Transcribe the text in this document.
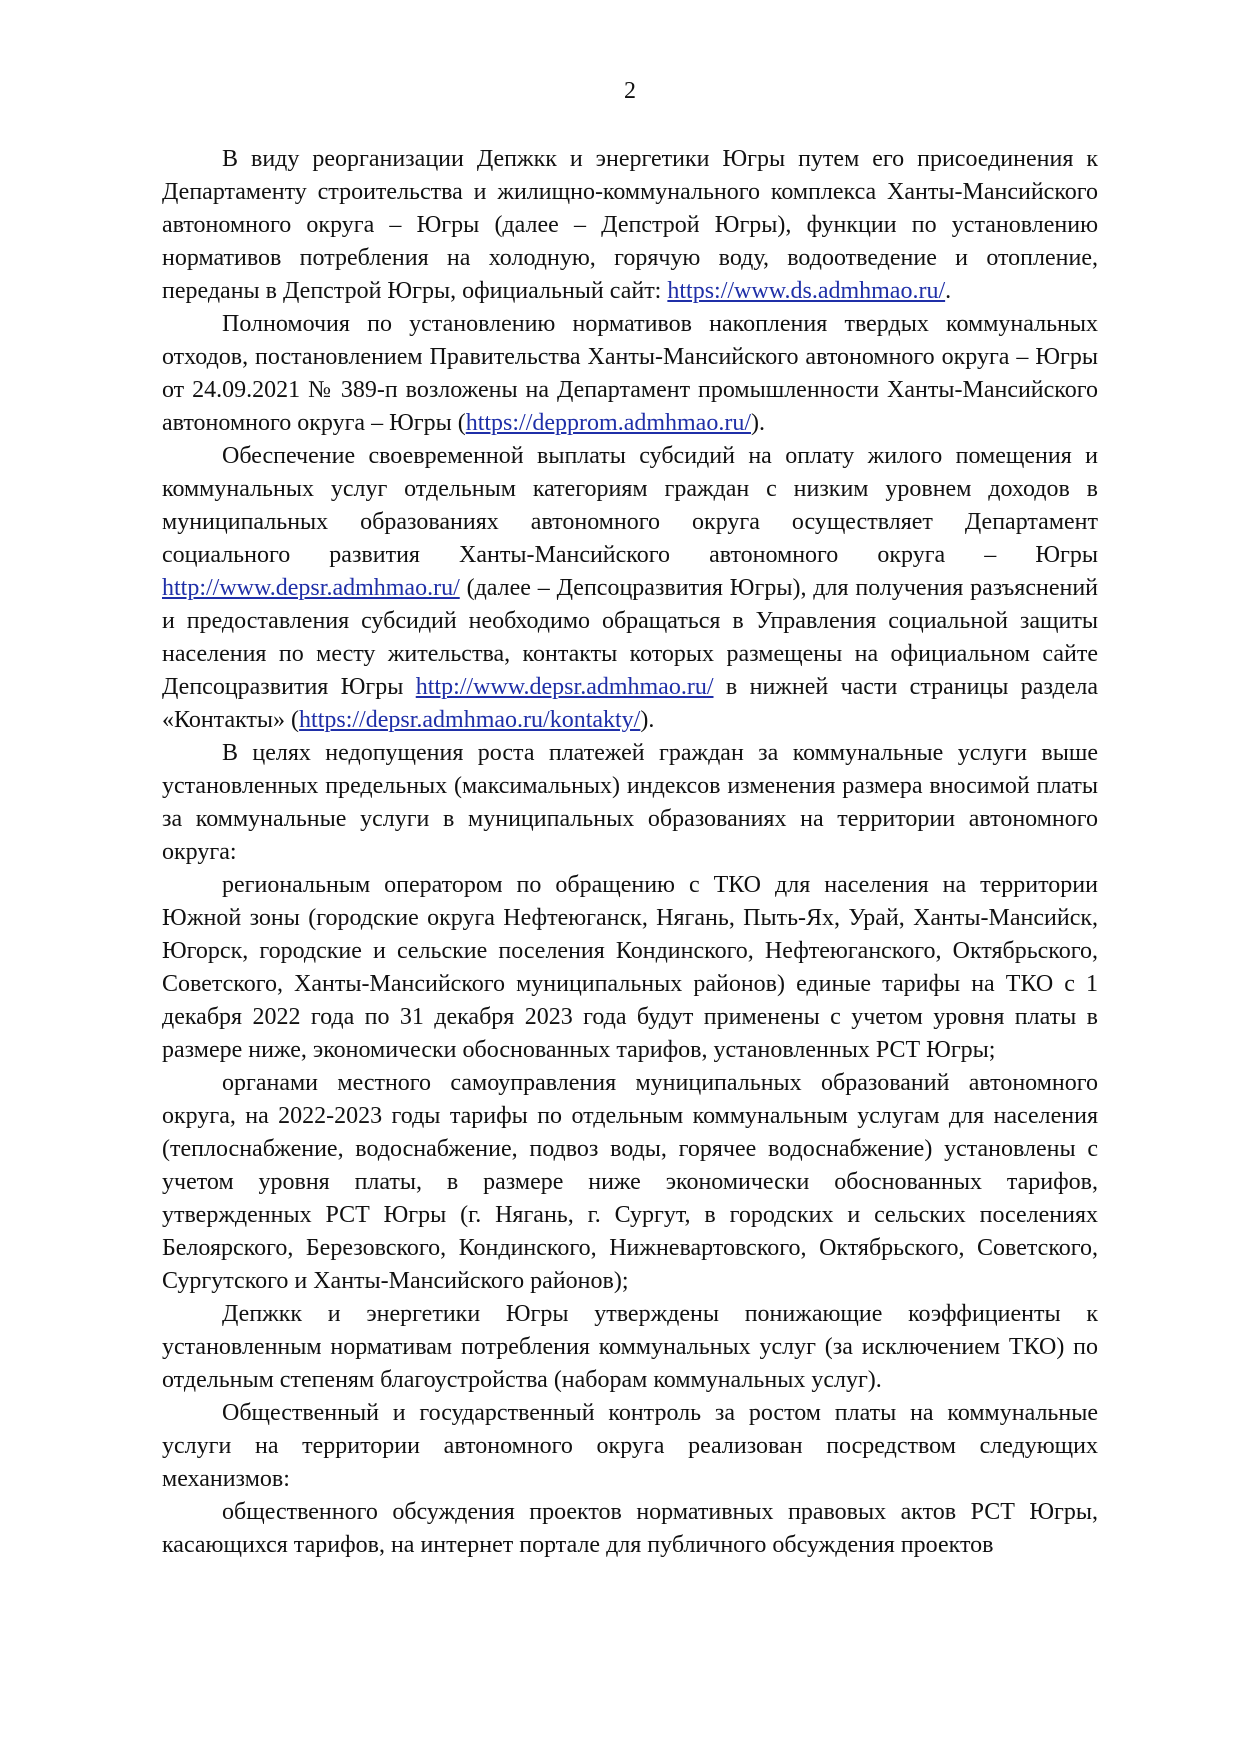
2

В виду реорганизации Депжкк и энергетики Югры путем его присоединения к Департаменту строительства и жилищно-коммунального комплекса Ханты-Мансийского автономного округа – Югры (далее – Депстрой Югры), функции по установлению нормативов потребления на холодную, горячую воду, водоотведение и отопление, переданы в Депстрой Югры, официальный сайт: https://www.ds.admhmao.ru/.

Полномочия по установлению нормативов накопления твердых коммунальных отходов, постановлением Правительства Ханты-Мансийского автономного округа – Югры от 24.09.2021 № 389-п возложены на Департамент промышленности Ханты-Мансийского автономного округа – Югры (https://depprom.admhmao.ru/).

Обеспечение своевременной выплаты субсидий на оплату жилого помещения и коммунальных услуг отдельным категориям граждан с низким уровнем доходов в муниципальных образованиях автономного округа осуществляет Департамент социального развития Ханты-Мансийского автономного округа – Югры http://www.depsr.admhmao.ru/ (далее – Депсоцразвития Югры), для получения разъяснений и предоставления субсидий необходимо обращаться в Управления социальной защиты населения по месту жительства, контакты которых размещены на официальном сайте Депсоцразвития Югры http://www.depsr.admhmao.ru/ в нижней части страницы раздела «Контакты» (https://depsr.admhmao.ru/kontakty/).

В целях недопущения роста платежей граждан за коммунальные услуги выше установленных предельных (максимальных) индексов изменения размера вносимой платы за коммунальные услуги в муниципальных образованиях на территории автономного округа:

региональным оператором по обращению с ТКО для населения на территории Южной зоны (городские округа Нефтеюганск, Нягань, Пыть-Ях, Урай, Ханты-Мансийск, Югорск, городские и сельские поселения Кондинского, Нефтеюганского, Октябрьского, Советского, Ханты-Мансийского муниципальных районов) единые тарифы на ТКО с 1 декабря 2022 года по 31 декабря 2023 года будут применены с учетом уровня платы в размере ниже, экономически обоснованных тарифов, установленных РСТ Югры;

органами местного самоуправления муниципальных образований автономного округа, на 2022-2023 годы тарифы по отдельным коммунальным услугам для населения (теплоснабжение, водоснабжение, подвоз воды, горячее водоснабжение) установлены с учетом уровня платы, в размере ниже экономически обоснованных тарифов, утвержденных РСТ Югры (г. Нягань, г. Сургут, в городских и сельских поселениях Белоярского, Березовского, Кондинского, Нижневартовского, Октябрьского, Советского, Сургутского и Ханты-Мансийского районов);

Депжкк и энергетики Югры утверждены понижающие коэффициенты к установленным нормативам потребления коммунальных услуг (за исключением ТКО) по отдельным степеням благоустройства (наборам коммунальных услуг).

Общественный и государственный контроль за ростом платы на коммунальные услуги на территории автономного округа реализован посредством следующих механизмов:

общественного обсуждения проектов нормативных правовых актов РСТ Югры, касающихся тарифов, на интернет портале для публичного обсуждения проектов
